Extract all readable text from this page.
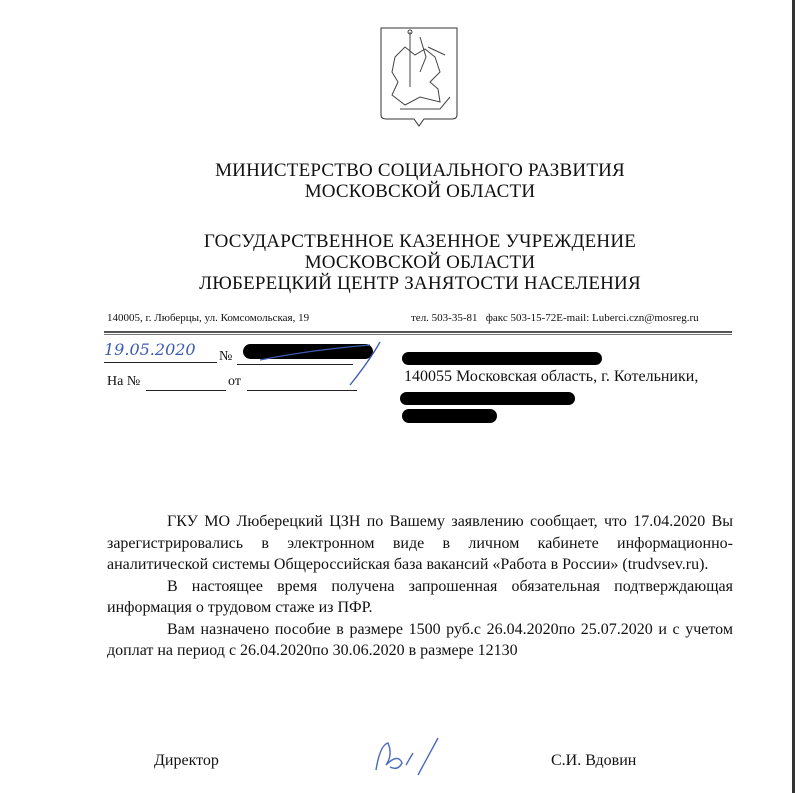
МИНИСТЕРСТВО СОЦИАЛЬНОГО РАЗВИТИЯ
МОСКОВСКОЙ ОБЛАСТИ
ГОСУДАРСТВЕННОЕ КАЗЕННОЕ УЧРЕЖДЕНИЕ
МОСКОВСКОЙ ОБЛАСТИ
ЛЮБЕРЕЦКИЙ ЦЕНТР ЗАНЯТОСТИ НАСЕЛЕНИЯ
140005, г. Люберцы, ул. Комсомольская, 19	тел. 503-35-81   факс 503-15-72E-mail: Luberci.czn@mosreg.ru
19.05.2020 №
На №	от	140055 Московская область, г. Котельники,

ГКУ МО Люберецкий ЦЗН по Вашему заявлению сообщает, что 17.04.2020 Вы зарегистрировались в электронном виде в личном кабинете информационно-аналитической системы Общероссийская база вакансий «Работа в России» (trudvsev.ru).

В настоящее время получена запрошенная обязательная подтверждающая информация о трудовом стаже из ПФР.

Вам назначено пособие в размере 1500 руб.с 26.04.2020по 25.07.2020 и с учетом доплат на период с 26.04.2020по 30.06.2020 в размере 12130

Директор	С.И. Вдовин
